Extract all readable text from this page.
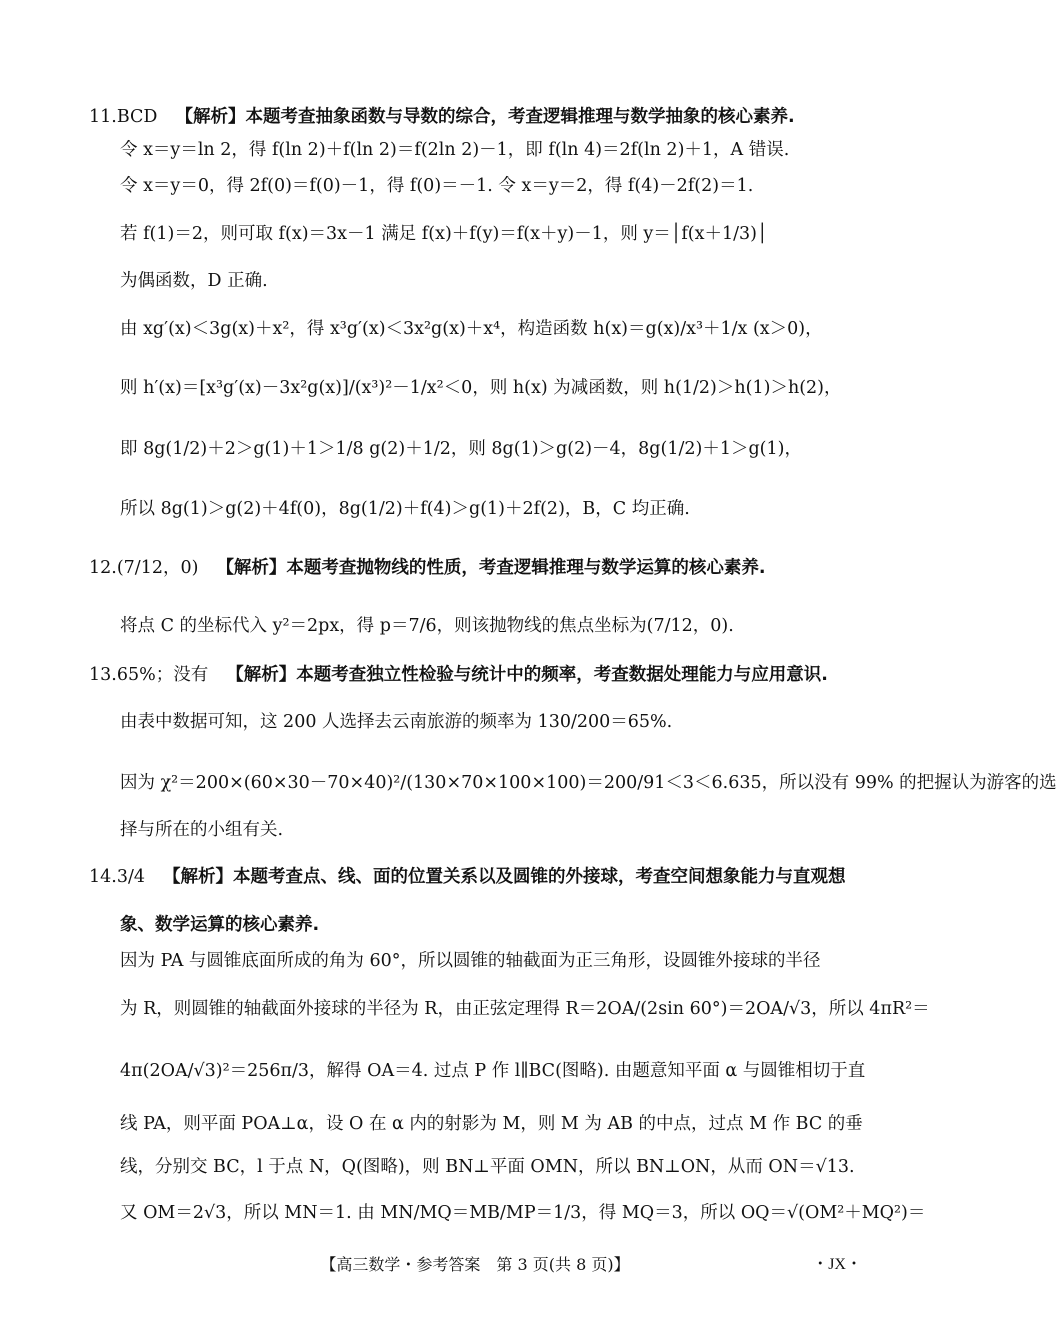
11.BCD 【解析】本题考查抽象函数与导数的综合，考查逻辑推理与数学抽象的核心素养.
令 x＝y＝ln 2，得 f(ln 2)＋f(ln 2)＝f(2ln 2)－1，即 f(ln 4)＝2f(ln 2)＋1，A 错误.
令 x＝y＝0，得 2f(0)＝f(0)－1，得 f(0)＝－1. 令 x＝y＝2，得 f(4)－2f(2)＝1.
若 f(1)＝2，则可取 f(x)＝3x－1 满足 f(x)＋f(y)＝f(x＋y)－1，则 y＝│f(x＋1/3)│
为偶函数，D 正确.
由 xg′(x)＜3g(x)＋x²，得 x³g′(x)＜3x²g(x)＋x⁴，构造函数 h(x)＝g(x)/x³＋1/x (x＞0)，
则 h′(x)＝[x³g′(x)－3x²g(x)]/(x³)²－1/x²＜0，则 h(x) 为减函数，则 h(1/2)＞h(1)＞h(2)，
即 8g(1/2)＋2＞g(1)＋1＞1/8 g(2)＋1/2，则 8g(1)＞g(2)－4，8g(1/2)＋1＞g(1)，
所以 8g(1)＞g(2)＋4f(0)，8g(1/2)＋f(4)＞g(1)＋2f(2)，B，C 均正确.
12.(7/12，0) 【解析】本题考查抛物线的性质，考查逻辑推理与数学运算的核心素养.
将点 C 的坐标代入 y²＝2px，得 p＝7/6，则该抛物线的焦点坐标为(7/12，0).
13.65%；没有 【解析】本题考查独立性检验与统计中的频率，考查数据处理能力与应用意识.
由表中数据可知，这 200 人选择去云南旅游的频率为 130/200＝65%.
因为 χ²＝200×(60×30－70×40)²/(130×70×100×100)＝200/91＜3＜6.635，所以没有 99% 的把握认为游客的选
择与所在的小组有关.
14.3/4 【解析】本题考查点、线、面的位置关系以及圆锥的外接球，考查空间想象能力与直观想
象、数学运算的核心素养.
因为 PA 与圆锥底面所成的角为 60°，所以圆锥的轴截面为正三角形，设圆锥外接球的半径
为 R，则圆锥的轴截面外接球的半径为 R，由正弦定理得 R＝2OA/(2sin 60°)＝2OA/√3，所以 4πR²＝
4π(2OA/√3)²＝256π/3，解得 OA＝4. 过点 P 作 l∥BC(图略). 由题意知平面 α 与圆锥相切于直
线 PA，则平面 POA⊥α，设 O 在 α 内的射影为 M，则 M 为 AB 的中点，过点 M 作 BC 的垂
线，分别交 BC，l 于点 N，Q(图略)，则 BN⊥平面 OMN，所以 BN⊥ON，从而 ON＝√13.
又 OM＝2√3，所以 MN＝1. 由 MN/MQ＝MB/MP＝1/3，得 MQ＝3，所以 OQ＝√(OM²＋MQ²)＝
【高三数学・参考答案　第 3 页(共 8 页)】	・JX・
